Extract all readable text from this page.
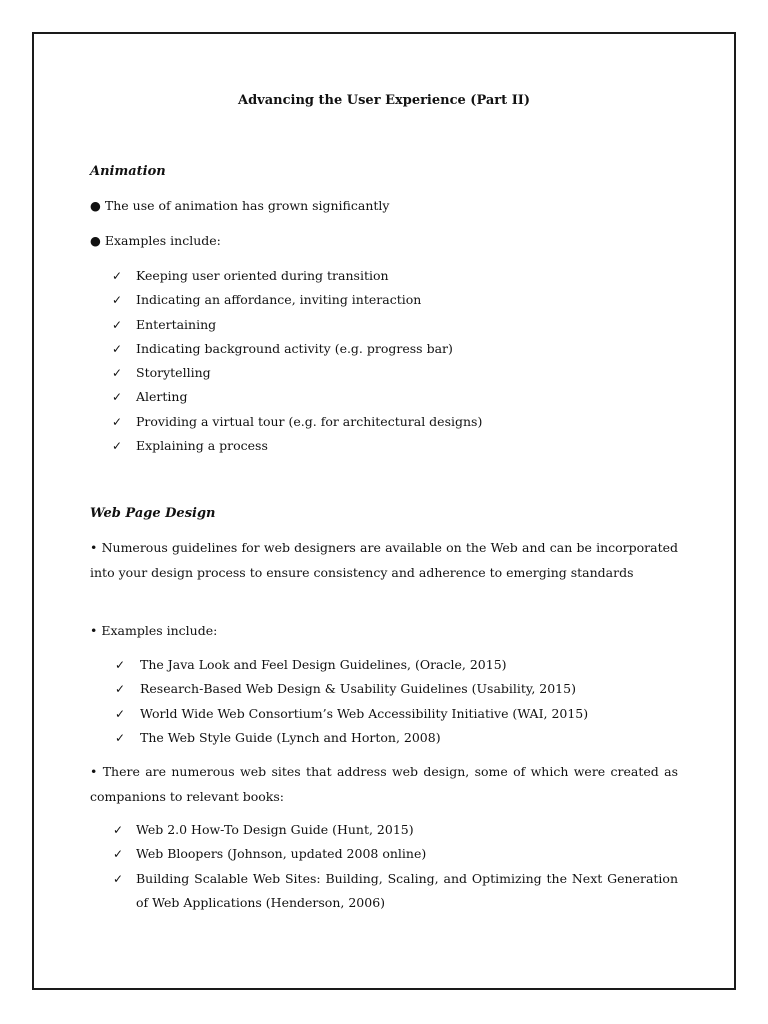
Advancing the User Experience (Part II)
Animation

● The use of animation has grown significantly

● Examples include:

✓ Keeping user oriented during transition
✓ Indicating an affordance, inviting interaction
✓ Entertaining
✓ Indicating background activity (e.g. progress bar)
✓ Storytelling
✓ Alerting
✓ Providing a virtual tour (e.g. for architectural designs)
✓ Explaining a process
Web Page Design

• Numerous guidelines for web designers are available on the Web and can be incorporated into your design process to ensure consistency and adherence to emerging standards

• Examples include:

✓ The Java Look and Feel Design Guidelines, (Oracle, 2015)
✓ Research-Based Web Design & Usability Guidelines (Usability, 2015)
✓ World Wide Web Consortium’s Web Accessibility Initiative (WAI, 2015)
✓ The Web Style Guide (Lynch and Horton, 2008)

• There are numerous web sites that address web design, some of which were created as companions to relevant books:

✓ Web 2.0 How-To Design Guide (Hunt, 2015)
✓ Web Bloopers (Johnson, updated 2008 online)
✓ Building Scalable Web Sites: Building, Scaling, and Optimizing the Next Generation of Web Applications (Henderson, 2006)
